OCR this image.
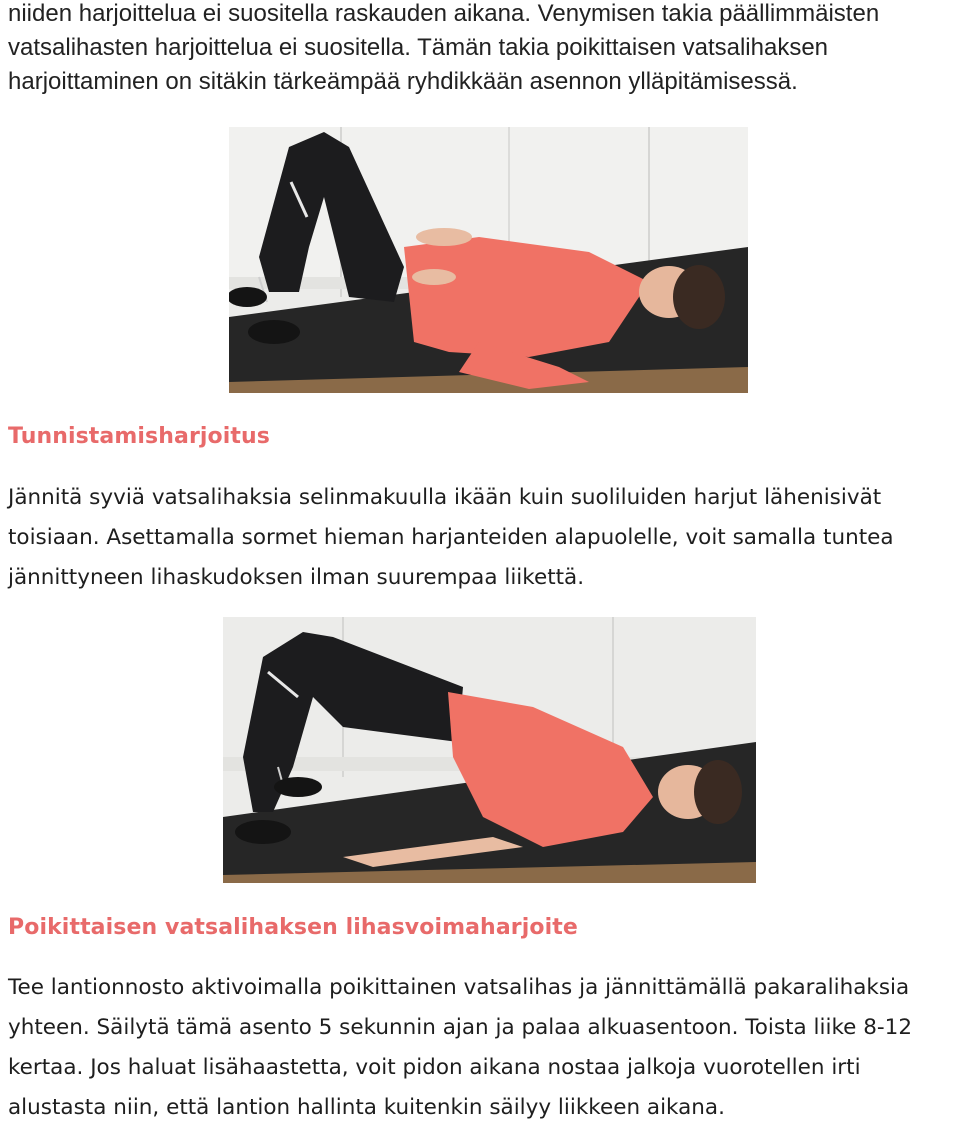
niiden harjoittelua ei suositella raskauden aikana. Venymisen takia päällimmäisten vatsalihasten harjoittelua ei suositella. Tämän takia poikittaisen vatsalihaksen harjoittaminen on sitäkin tärkeämpää ryhdikkään asennon ylläpitämisessä.

Tunnistamisharjoitus

Jännitä syviä vatsalihaksia selinmakuulla ikään kuin suoliluiden harjut lähenisivät toisiaan. Asettamalla sormet hieman harjanteiden alapuolelle, voit samalla tuntea jännittyneen lihaskudoksen ilman suurempaa liikettä.

Poikittaisen vatsalihaksen lihasvoimaharjoite

Tee lantionnosto aktivoimalla poikittainen vatsalihas ja jännittämällä pakaralihaksia yhteen. Säilytä tämä asento 5 sekunnin ajan ja palaa alkuasentoon. Toista liike 8-12 kertaa. Jos haluat lisähaastetta, voit pidon aikana nostaa jalkoja vuorotellen irti alustasta niin, että lantion hallinta kuitenkin säilyy liikkeen aikana.
